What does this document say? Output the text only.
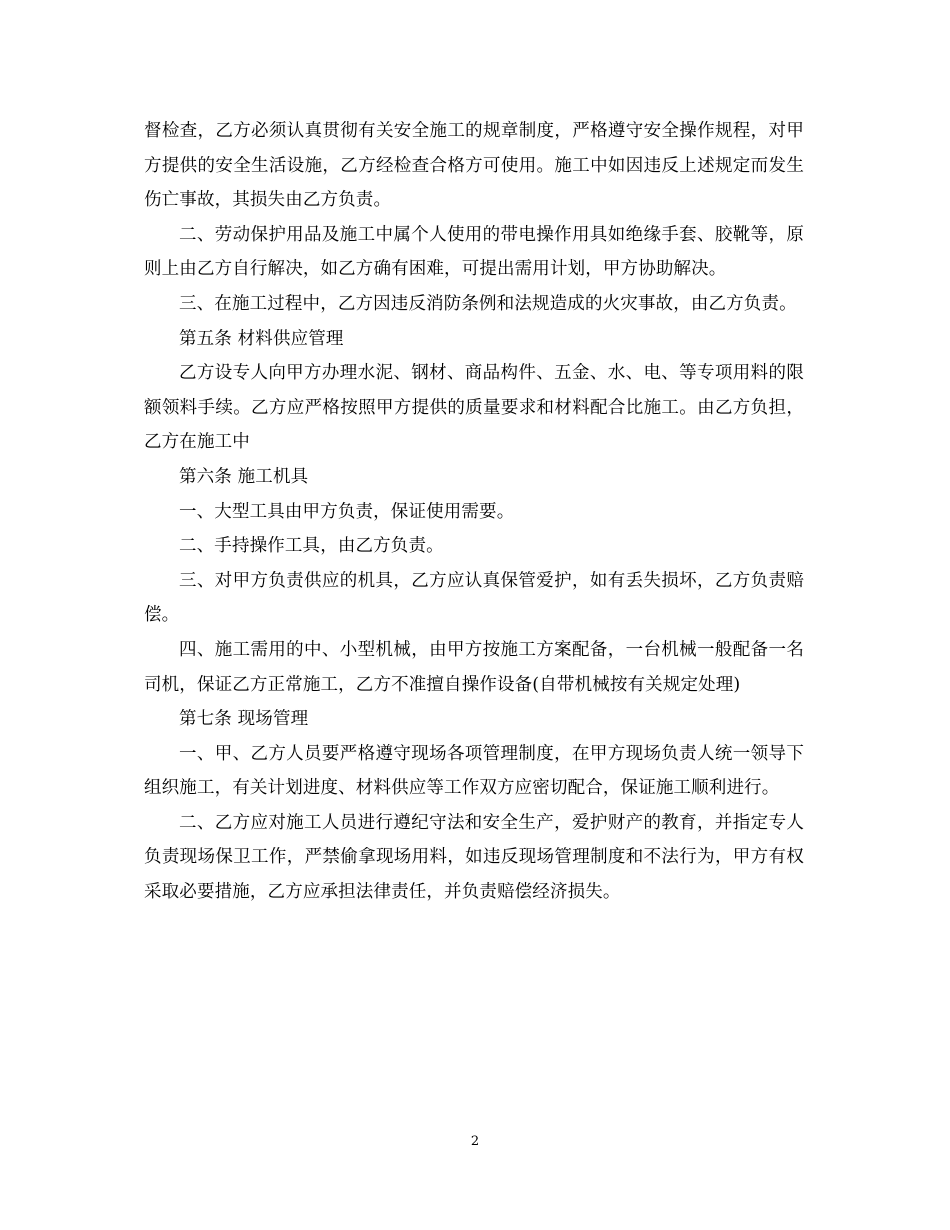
督检查，乙方必须认真贯彻有关安全施工的规章制度，严格遵守安全操作规程，对甲方提供的安全生活设施，乙方经检查合格方可使用。施工中如因违反上述规定而发生伤亡事故，其损失由乙方负责。

二、劳动保护用品及施工中属个人使用的带电操作用具如绝缘手套、胶靴等，原则上由乙方自行解决，如乙方确有困难，可提出需用计划，甲方协助解决。

三、在施工过程中，乙方因违反消防条例和法规造成的火灾事故，由乙方负责。

第五条 材料供应管理

乙方设专人向甲方办理水泥、钢材、商品构件、五金、水、电、等专项用料的限额领料手续。乙方应严格按照甲方提供的质量要求和材料配合比施工。由乙方负担，乙方在施工中

第六条 施工机具

一、大型工具由甲方负责，保证使用需要。

二、手持操作工具，由乙方负责。

三、对甲方负责供应的机具，乙方应认真保管爱护，如有丢失损坏，乙方负责赔偿。

四、施工需用的中、小型机械，由甲方按施工方案配备，一台机械一般配备一名司机，保证乙方正常施工，乙方不准擅自操作设备(自带机械按有关规定处理)

第七条 现场管理

一、甲、乙方人员要严格遵守现场各项管理制度，在甲方现场负责人统一领导下组织施工，有关计划进度、材料供应等工作双方应密切配合，保证施工顺利进行。

二、乙方应对施工人员进行遵纪守法和安全生产，爱护财产的教育，并指定专人负责现场保卫工作，严禁偷拿现场用料，如违反现场管理制度和不法行为，甲方有权采取必要措施，乙方应承担法律责任，并负责赔偿经济损失。

2
